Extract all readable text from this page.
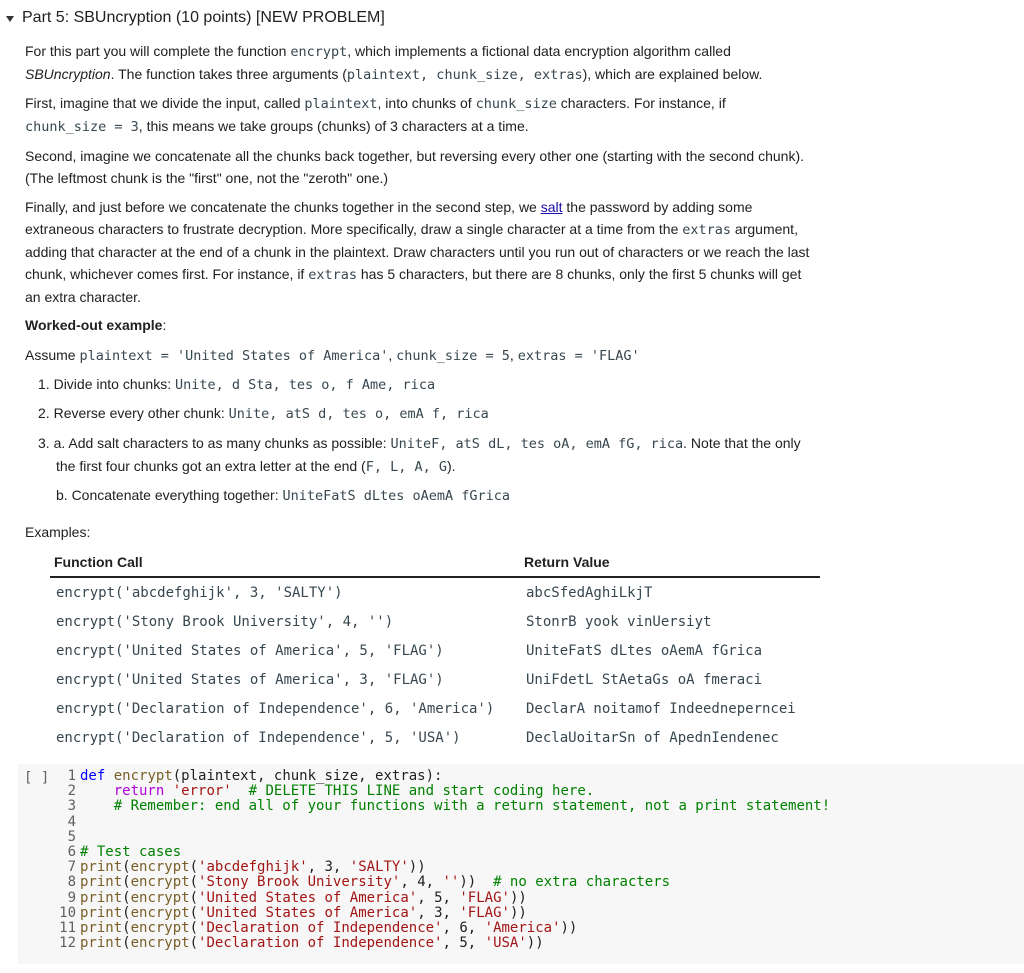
Part 5: SBUncryption (10 points) [NEW PROBLEM]
For this part you will complete the function encrypt, which implements a fictional data encryption algorithm called
SBUncryption. The function takes three arguments (plaintext, chunk_size, extras), which are explained below.
First, imagine that we divide the input, called plaintext, into chunks of chunk_size characters. For instance, if
chunk_size = 3, this means we take groups (chunks) of 3 characters at a time.
Second, imagine we concatenate all the chunks back together, but reversing every other one (starting with the second chunk).
(The leftmost chunk is the "first" one, not the "zeroth" one.)
Finally, and just before we concatenate the chunks together in the second step, we salt the password by adding some
extraneous characters to frustrate decryption. More specifically, draw a single character at a time from the extras argument,
adding that character at the end of a chunk in the plaintext. Draw characters until you run out of characters or we reach the last
chunk, whichever comes first. For instance, if extras has 5 characters, but there are 8 chunks, only the first 5 chunks will get
an extra character.
Worked-out example:
Assume plaintext = 'United States of America', chunk_size = 5, extras = 'FLAG'
1. Divide into chunks: Unite, d Sta, tes o, f Ame, rica
2. Reverse every other chunk: Unite, atS d, tes o, emA f, rica
3. a. Add salt characters to as many chunks as possible: UniteF, atS dL, tes oA, emA fG, rica. Note that the only
the first four chunks got an extra letter at the end (F, L, A, G).
b. Concatenate everything together: UniteFatS dLtes oAemA fGrica
Examples:
Function Call	Return Value
encrypt('abcdefghijk', 3, 'SALTY')	abcSfedAghiLkjT
encrypt('Stony Brook University', 4, '')	StonrB yook vinUersiyt
encrypt('United States of America', 5, 'FLAG')	UniteFatS dLtes oAemA fGrica
encrypt('United States of America', 3, 'FLAG')	UniFdetL StAetaGs oA fmeraci
encrypt('Declaration of Independence', 6, 'America')	DeclarA noitamof Indeedneperncei
encrypt('Declaration of Independence', 5, 'USA')	DeclaUoitarSn of ApednIendenec
[ ]	1 def encrypt(plaintext, chunk_size, extras):
2	return 'error' # DELETE THIS LINE and start coding here.
3	# Remember: end all of your functions with a return statement, not a print statement!
4
5
6 # Test cases
7 print(encrypt('abcdefghijk', 3, 'SALTY'))
8 print(encrypt('Stony Brook University', 4, ''))  # no extra characters
9 print(encrypt('United States of America', 5, 'FLAG'))
10 print(encrypt('United States of America', 3, 'FLAG'))
11 print(encrypt('Declaration of Independence', 6, 'America'))
12 print(encrypt('Declaration of Independence', 5, 'USA'))
